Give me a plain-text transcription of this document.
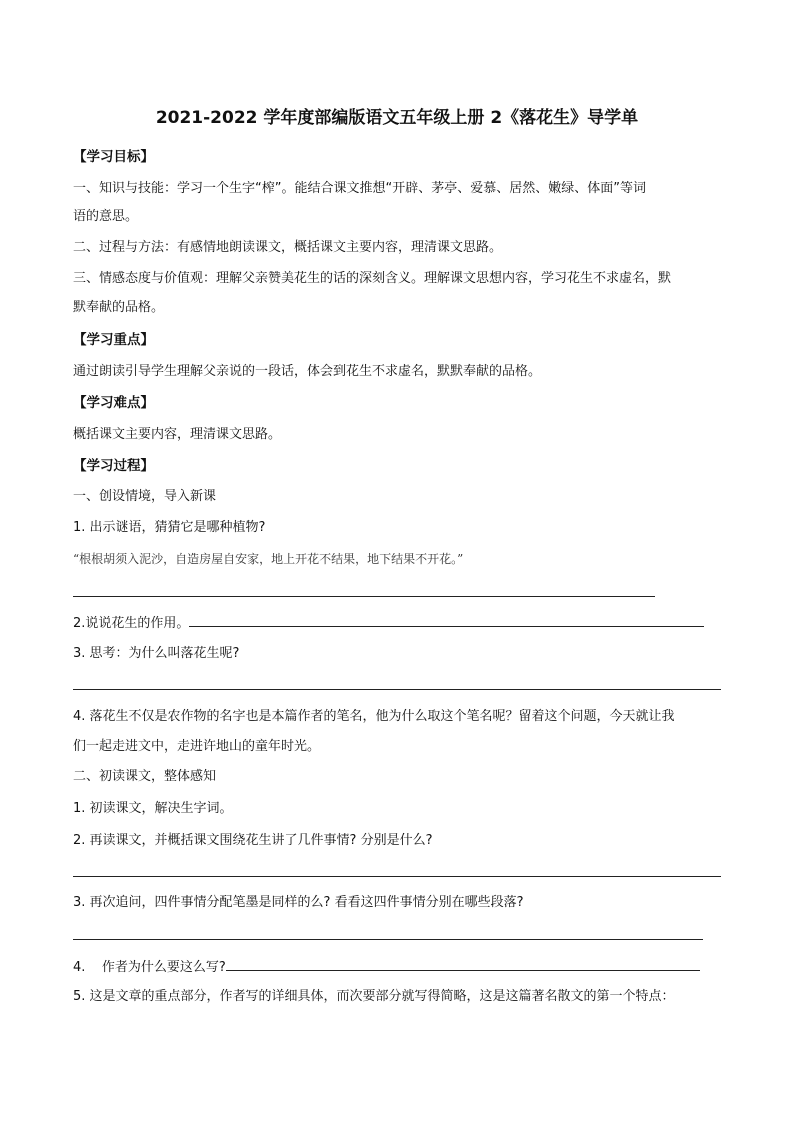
2021-2022 学年度部编版语文五年级上册 2《落花生》导学单
【学习目标】
一、知识与技能：学习一个生字“榨”。能结合课文推想“开辟、茅亭、爱慕、居然、嫩绿、体面”等词
语的意思。
二、过程与方法：有感情地朗读课文，概括课文主要内容，理清课文思路。
三、情感态度与价值观：理解父亲赞美花生的话的深刻含义。理解课文思想内容，学习花生不求虚名，默
默奉献的品格。
【学习重点】
通过朗读引导学生理解父亲说的一段话，体会到花生不求虚名，默默奉献的品格。
【学习难点】
概括课文主要内容，理清课文思路。
【学习过程】
一、创设情境，导入新课
1. 出示谜语，猜猜它是哪种植物?
“根根胡须入泥沙，自造房屋自安家，地上开花不结果，地下结果不开花。”
2.说说花生的作用。
3. 思考：为什么叫落花生呢?
4. 落花生不仅是农作物的名字也是本篇作者的笔名，他为什么取这个笔名呢？留着这个问题，今天就让我
们一起走进文中，走进许地山的童年时光。
二、初读课文，整体感知
1. 初读课文，解决生字词。
2. 再读课文，并概括课文围绕花生讲了几件事情? 分别是什么?
3. 再次追问，四件事情分配笔墨是同样的么? 看看这四件事情分别在哪些段落?
4.    作者为什么要这么写?
5. 这是文章的重点部分，作者写的详细具体，而次要部分就写得简略，这是这篇著名散文的第一个特点：
